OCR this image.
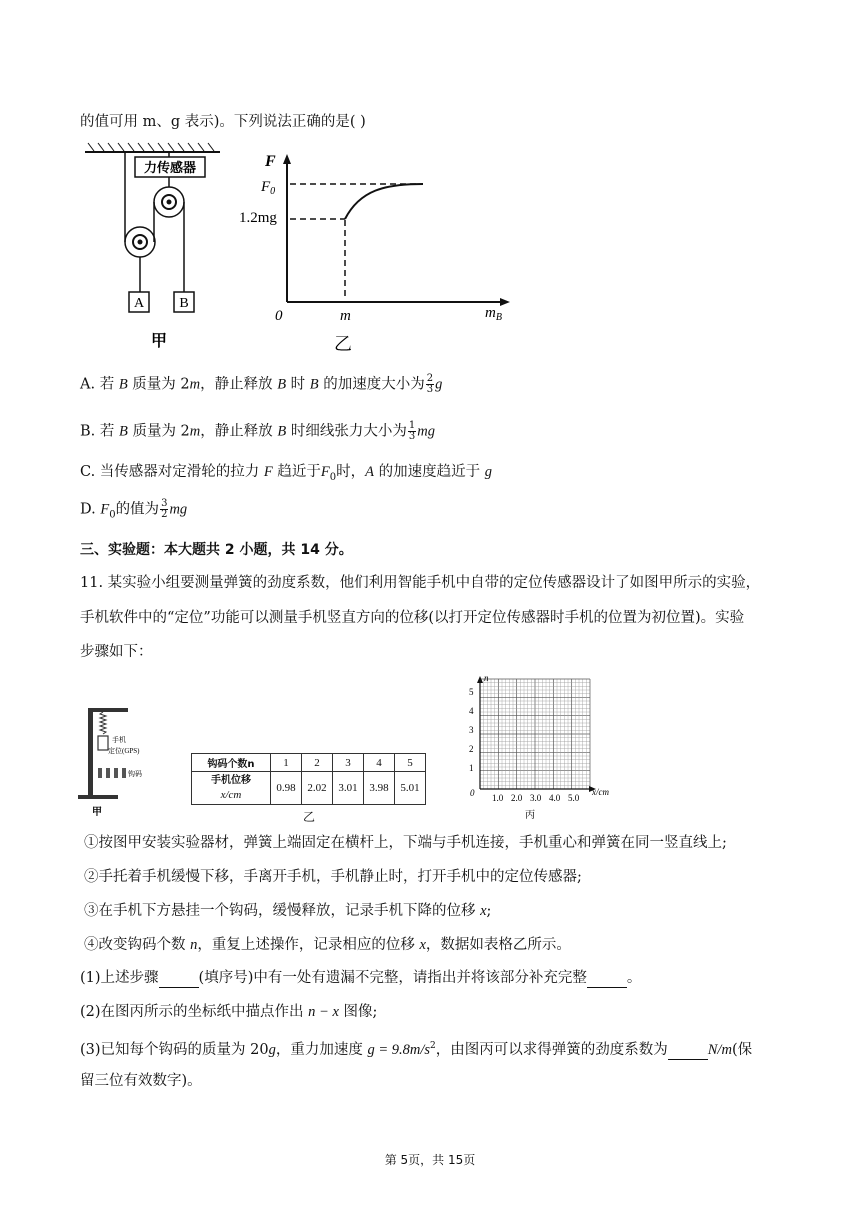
的值可用 m、g 表示)。下列说法正确的是( )
力传感器
A	B
甲
F
$F_0$
1.2mg
0	m	$m_B$
乙
A. 若 B 质量为 2m，静止释放 B 时 B 的加速度大小为 $\frac{2}{3}$ g
B. 若 B 质量为 2m，静止释放 B 时细线张力大小为 $\frac{1}{3}$ mg
C. 当传感器对定滑轮的拉力 F 趋近于$F_0$时，A 的加速度趋近于 g
D. $F_0$的值为 $\frac{3}{2}$ mg
三、实验题：本大题共 2 小题，共 14 分。
11. 某实验小组要测量弹簧的劲度系数，他们利用智能手机中自带的定位传感器设计了如图甲所示的实验，
手机软件中的“定位”功能可以测量手机竖直方向的位移(以打开定位传感器时手机的位置为初位置)。实验
步骤如下：
手机
定位(GPS)
钩码
甲
钩码个数n	1	2	3	4	5
手机位移
x/cm	0.98	2.02	3.01	3.98	5.01
乙
n
5
4
3
2
1
0 1.0 2.0 3.0 4.0 5.0
x/cm
丙
①按图甲安装实验器材，弹簧上端固定在横杆上，下端与手机连接，手机重心和弹簧在同一竖直线上;
②手托着手机缓慢下移，手离开手机，手机静止时，打开手机中的定位传感器;
③在手机下方悬挂一个钩码，缓慢释放，记录手机下降的位移 x;
④改变钩码个数 n，重复上述操作，记录相应的位移 x，数据如表格乙所示。
(1)上述步骤	(填序号)中有一处有遗漏不完整，请指出并将该部分补充完整	。
(2)在图丙所示的坐标纸中描点作出 n − x 图像;
(3)已知每个钩码的质量为 20g，重力加速度 $g = 9.8m/s^2$，由图丙可以求得弹簧的劲度系数为	N/m(保
留三位有效数字)。
第 5页，共 15页
